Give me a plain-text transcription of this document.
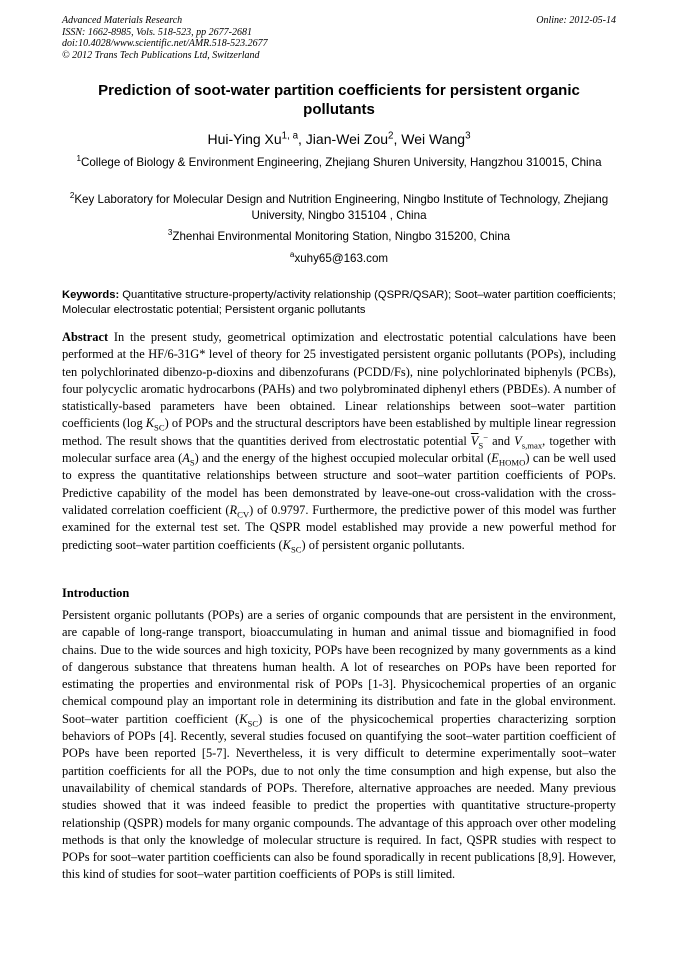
Advanced Materials Research
ISSN: 1662-8985, Vols. 518-523, pp 2677-2681
doi:10.4028/www.scientific.net/AMR.518-523.2677
© 2012 Trans Tech Publications Ltd, Switzerland
Online: 2012-05-14
Prediction of soot-water partition coefficients for persistent organic pollutants
Hui-Ying Xu$^{1, a}$, Jian-Wei Zou$^2$, Wei Wang$^3$
$^1$College of Biology & Environment Engineering, Zhejiang Shuren University, Hangzhou 310015, China
$^2$Key Laboratory for Molecular Design and Nutrition Engineering, Ningbo Institute of Technology, Zhejiang University, Ningbo 315104 , China
$^3$Zhenhai Environmental Monitoring Station, Ningbo 315200, China
$^a$xuhy65@163.com
Keywords: Quantitative structure-property/activity relationship (QSPR/QSAR); Soot–water partition coefficients; Molecular electrostatic potential; Persistent organic pollutants
Abstract In the present study, geometrical optimization and electrostatic potential calculations have been performed at the HF/6-31G* level of theory for 25 investigated persistent organic pollutants (POPs), including ten polychlorinated dibenzo-p-dioxins and dibenzofurans (PCDD/Fs), nine polychlorinated biphenyls (PCBs), four polycyclic aromatic hydrocarbons (PAHs) and two polybrominated diphenyl ethers (PBDEs). A number of statistically-based parameters have been obtained. Linear relationships between soot–water partition coefficients (log $K_{SC}$) of POPs and the structural descriptors have been established by multiple linear regression method. The result shows that the quantities derived from electrostatic potential $\overline{V}_S^-$ and $V_{s,max}$, together with molecular surface area $(A_S)$ and the energy of the highest occupied molecular orbital $(E_{HOMO})$ can be well used to express the quantitative relationships between structure and soot–water partition coefficients of POPs. Predictive capability of the model has been demonstrated by leave-one-out cross-validation with the cross-validated correlation coefficient $(R_{CV})$ of 0.9797. Furthermore, the predictive power of this model was further examined for the external test set. The QSPR model established may provide a new powerful method for predicting soot–water partition coefficients $(K_{SC})$ of persistent organic pollutants.
Introduction
Persistent organic pollutants (POPs) are a series of organic compounds that are persistent in the environment, are capable of long-range transport, bioaccumulating in human and animal tissue and biomagnified in food chains. Due to the wide sources and high toxicity, POPs have been recognized by many governments as a kind of dangerous substance that threatens human health. A lot of researches on POPs have been reported for estimating the properties and environmental risk of POPs [1-3]. Physicochemical properties of an organic chemical compound play an important role in determining its distribution and fate in the global environment. Soot–water partition coefficient $(K_{SC})$ is one of the physicochemical properties characterizing sorption behaviors of POPs [4]. Recently, several studies focused on quantifying the soot–water partition coefficient of POPs have been reported [5-7]. Nevertheless, it is very difficult to determine experimentally soot–water partition coefficients for all the POPs, due to not only the time consumption and high expense, but also the unavailability of chemical standards of POPs. Therefore, alternative approaches are needed. Many previous studies showed that it was indeed feasible to predict the properties with quantitative structure-property relationship (QSPR) models for many organic compounds. The advantage of this approach over other modeling methods is that only the knowledge of molecular structure is required. In fact, QSPR studies with respect to POPs for soot–water partition coefficients can also be found sporadically in recent publications [8,9]. However, this kind of studies for soot–water partition coefficients of POPs is still limited.
